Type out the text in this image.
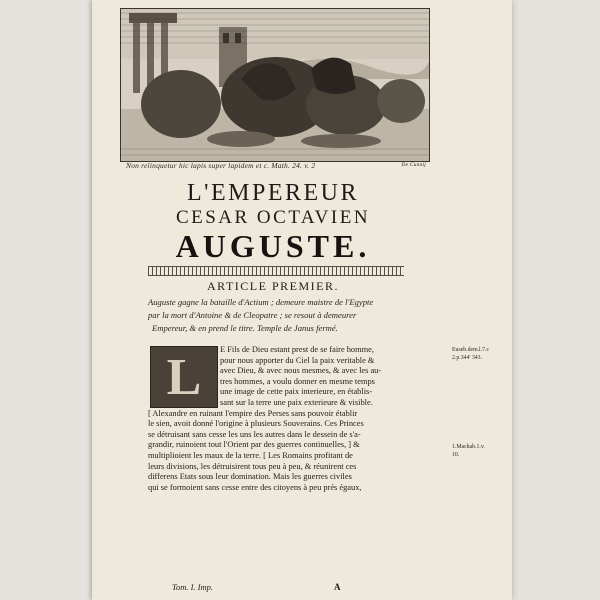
Non relinquetur hic lapis super lapidem et c. Math. 24. v. 2	De Cunnij
L'EMPEREUR
CESAR OCTAVIEN
AUGUSTE.
ARTICLE PREMIER.
Auguste gagne la bataille d'Actium ; demeure maistre de l'Egypte
par la mort d'Antoine & de Cleopatre ; se resout à demeurer
Empereur, & en prend le titre. Temple de Janus fermé.
L	E Fils de Dieu estant prest de se faire homme,
pour nous apporter du Ciel la paix veritable &
avec Dieu, & avec nous mesmes, & avec les au-
tres hommes, a voulu donner en mesme temps
une image de cette paix interieure, en établis-
sant sur la terre une paix exterieure & visible.
[ Alexandre en ruinant l'empire des Perses sans pouvoir établir
le sien, avoit donné l'origine à plusieurs Souverains. Ces Princes
se détruisant sans cesse les uns les autres dans le dessein de s'a-
grandir, ruinoient tout l'Orient par des guerres continuelles, ] &
multiplioient les maux de la terre. [ Les Romains profitant de
leurs divisions, les détruisirent tous peu à peu, & réunirent ces
differens Etats sous leur domination. Mais les guerres civiles
qui se formoient sans cesse entre des citoyens à peu prés égaux,
Euseb.dem.l.7.c
2.p.344' 343.
1.Machab.1.v.
10.
Tom. I. Imp.	A
